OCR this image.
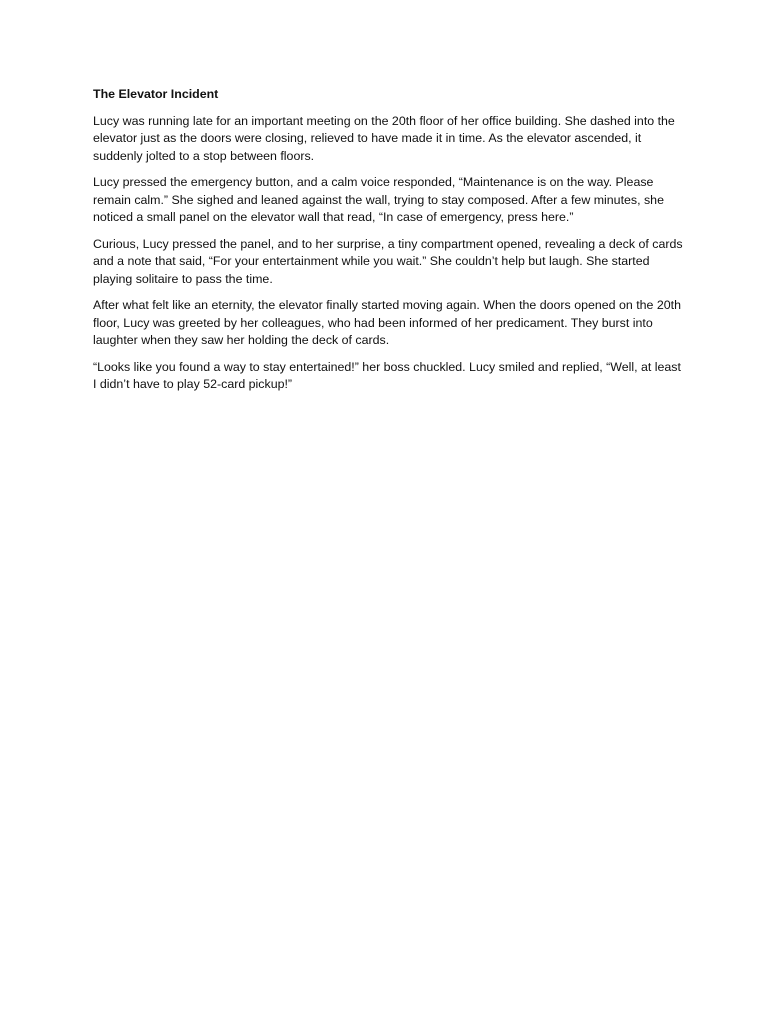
The Elevator Incident

Lucy was running late for an important meeting on the 20th floor of her office building. She dashed into the elevator just as the doors were closing, relieved to have made it in time. As the elevator ascended, it suddenly jolted to a stop between floors.

Lucy pressed the emergency button, and a calm voice responded, “Maintenance is on the way. Please remain calm.” She sighed and leaned against the wall, trying to stay composed. After a few minutes, she noticed a small panel on the elevator wall that read, “In case of emergency, press here.”

Curious, Lucy pressed the panel, and to her surprise, a tiny compartment opened, revealing a deck of cards and a note that said, “For your entertainment while you wait.” She couldn’t help but laugh. She started playing solitaire to pass the time.

After what felt like an eternity, the elevator finally started moving again. When the doors opened on the 20th floor, Lucy was greeted by her colleagues, who had been informed of her predicament. They burst into laughter when they saw her holding the deck of cards.

“Looks like you found a way to stay entertained!” her boss chuckled. Lucy smiled and replied, “Well, at least I didn’t have to play 52-card pickup!”
